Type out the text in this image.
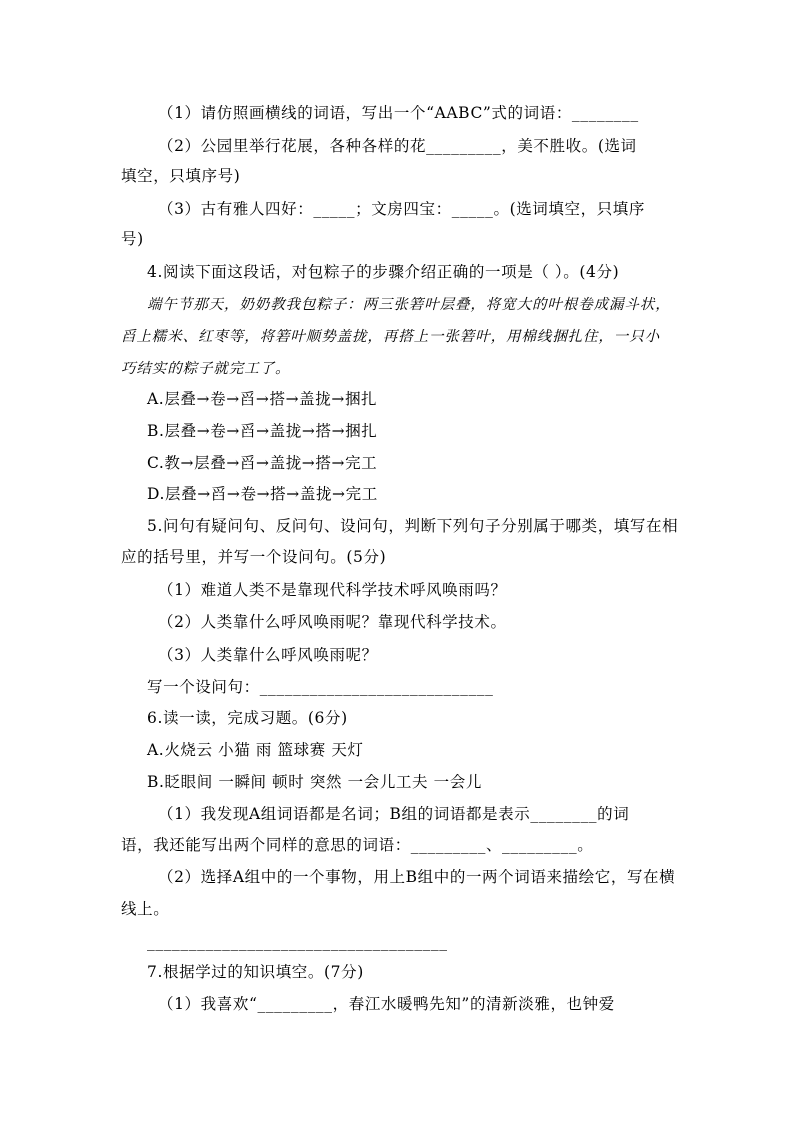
（1）请仿照画横线的词语，写出一个“AABC”式的词语：________
（2）公园里举行花展，各种各样的花_________，美不胜收。(选词
填空，只填序号)
（3）古有雅人四好：_____；文房四宝：_____。(选词填空，只填序
号)
4.阅读下面这段话，对包粽子的步骤介绍正确的一项是（ ）。(4分)
端午节那天，奶奶教我包粽子：两三张箬叶层叠，将宽大的叶根卷成漏斗状，
舀上糯米、红枣等，将箬叶顺势盖拢，再搭上一张箬叶，用棉线捆扎住，一只小
巧结实的粽子就完工了。
A.层叠→卷→舀→搭→盖拢→捆扎
B.层叠→卷→舀→盖拢→搭→捆扎
C.教→层叠→舀→盖拢→搭→完工
D.层叠→舀→卷→搭→盖拢→完工
5.问句有疑问句、反问句、设问句，判断下列句子分别属于哪类，填写在相
应的括号里，并写一个设问句。(5分)
（1）难道人类不是靠现代科学技术呼风唤雨吗？
（2）人类靠什么呼风唤雨呢？靠现代科学技术。
（3）人类靠什么呼风唤雨呢？
写一个设问句：____________________________
6.读一读，完成习题。(6分)
A.火烧云 小猫 雨 篮球赛 天灯
B.眨眼间 一瞬间 顿时 突然 一会儿工夫 一会儿
（1）我发现A组词语都是名词；B组的词语都是表示________的词
语，我还能写出两个同样的意思的词语：_________、_________。
（2）选择A组中的一个事物，用上B组中的一两个词语来描绘它，写在横
线上。
____________________________________
7.根据学过的知识填空。(7分)
（1）我喜欢“_________，春江水暖鸭先知”的清新淡雅，也钟爱
